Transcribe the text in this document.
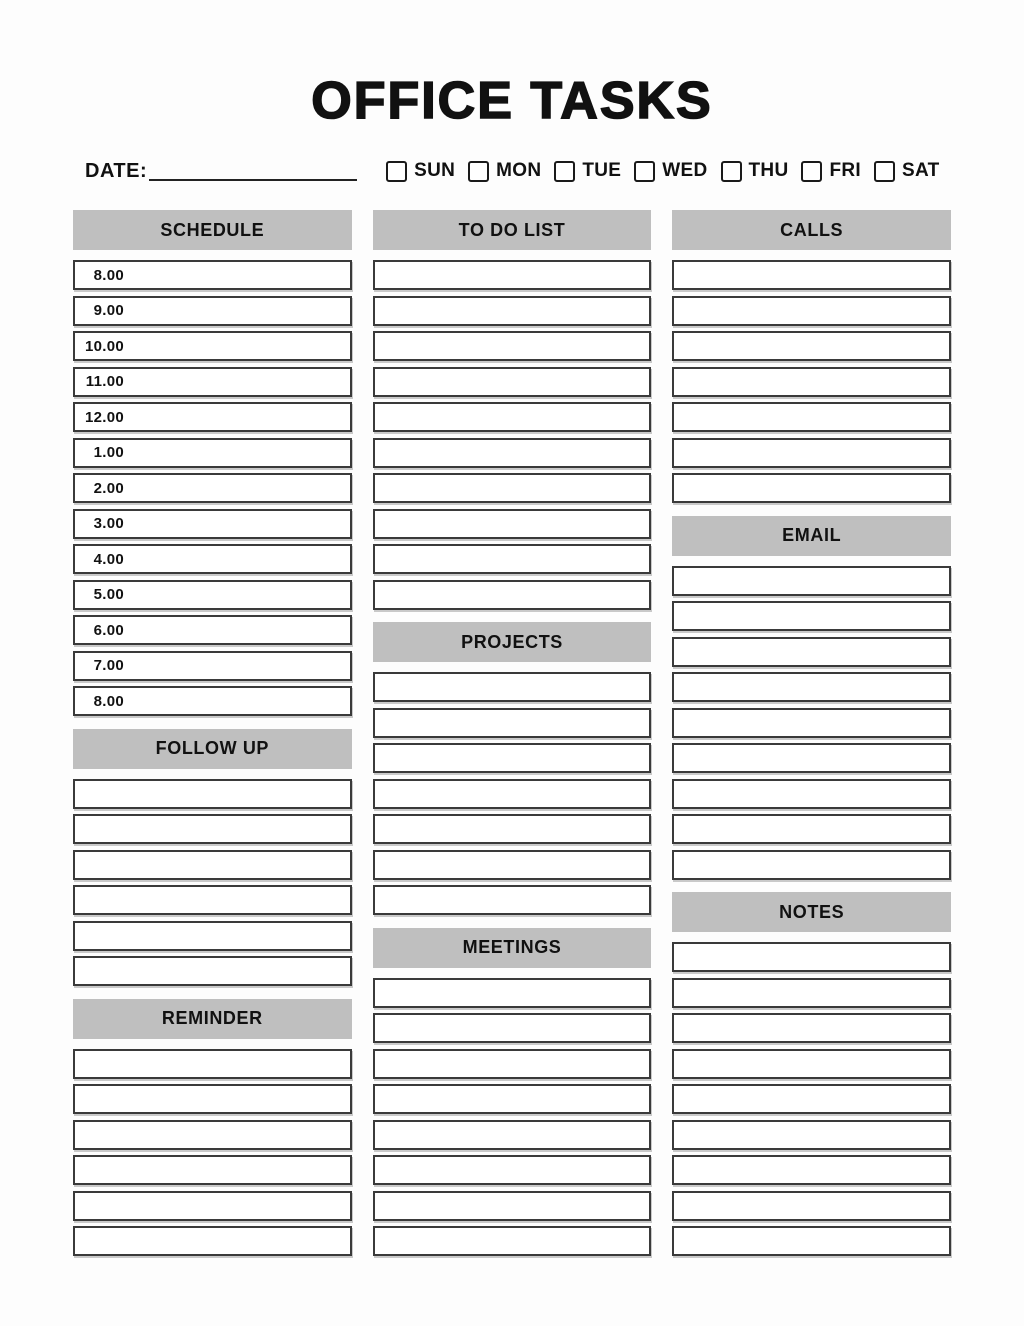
OFFICE TASKS
DATE:	SUN MON TUE WED THU FRI SAT
SCHEDULE
8.00
9.00
10.00
11.00
12.00
1.00
2.00
3.00
4.00
5.00
6.00
7.00
8.00
FOLLOW UP
REMINDER
TO DO LIST
PROJECTS
MEETINGS
CALLS
EMAIL
NOTES
